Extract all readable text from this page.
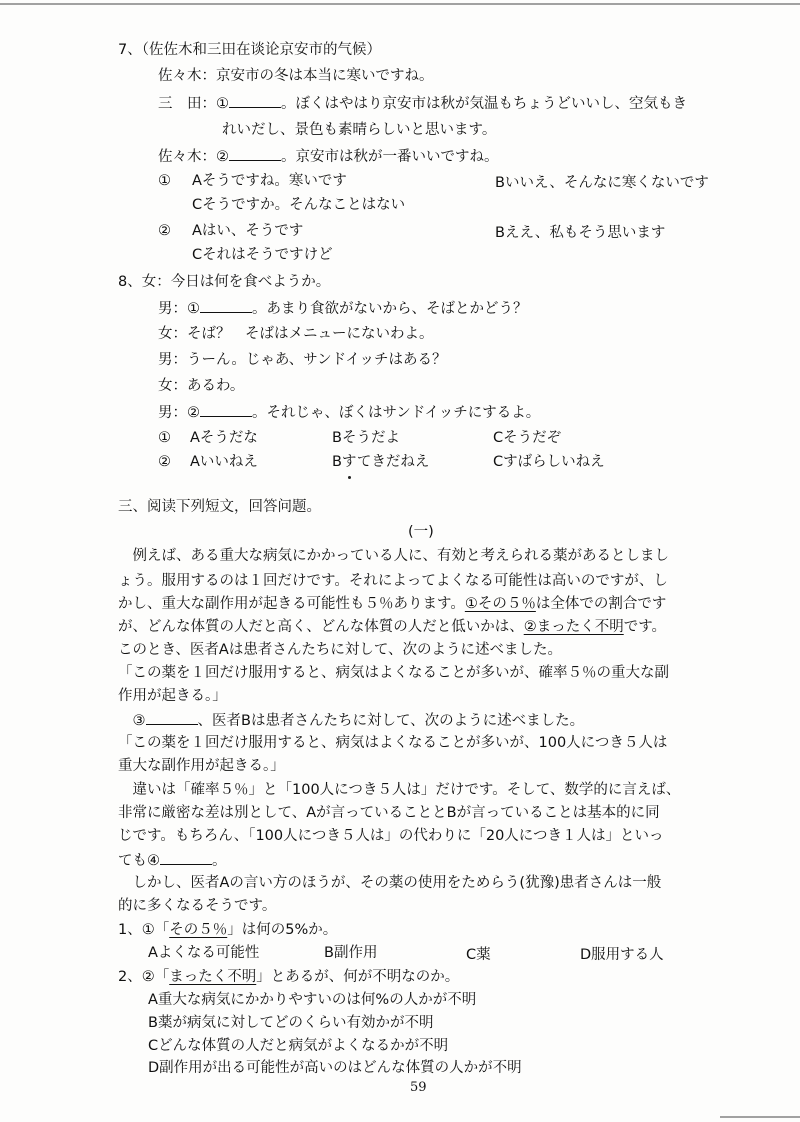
7、（佐佐木和三田在谈论京安市的气候）
佐々木：京安市の冬は本当に寒いですね。
三　田：①	。ぼくはやはり京安市は秋が気温もちょうどいいし、空気もき
れいだし、景色も素晴らしいと思います。
佐々木：②	。京安市は秋が一番いいですね。
① Aそうですね。寒いです	Bいいえ、そんなに寒くないです
Cそうですか。そんなことはない
② Aはい、そうです	Bええ、私もそう思います
Cそれはそうですけど
8、女：今日は何を食べようか。
男：①	。あまり食欲がないから、そばとかどう？
女：そば？　そばはメニューにないわよ。
男：うーん。じゃあ、サンドイッチはある？
女：あるわ。
男：②	。それじゃ、ぼくはサンドイッチにするよ。
① Aそうだな	Bそうだよ	Cそうだぞ
② Aいいねえ	Bすてきだねえ	Cすばらしいねえ
三、阅读下列短文，回答问题。
(一)
　例えば、ある重大な病気にかかっている人に、有効と考えられる薬があるとしまし
ょう。服用するのは１回だけです。それによってよくなる可能性は高いのですが、し
かし、重大な副作用が起きる可能性も５％あります。①その５％は全体での割合です
が、どんな体質の人だと高く、どんな体質の人だと低いかは、②まったく不明です。
このとき、医者Aは患者さんたちに対して、次のように述べました。
「この薬を１回だけ服用すると、病気はよくなることが多いが、確率５％の重大な副
作用が起きる。」
　③	、医者Bは患者さんたちに対して、次のように述べました。
「この薬を１回だけ服用すると、病気はよくなることが多いが、100人につき５人は
重大な副作用が起きる。」
　違いは「確率５％」と「100人につき５人は」だけです。そして、数学的に言えば、
非常に厳密な差は別として、Aが言っていることとBが言っていることは基本的に同
じです。もちろん、「100人につき５人は」の代わりに「20人につき１人は」といっ
ても④	。
　しかし、医者Aの言い方のほうが、その薬の使用をためらう(犹豫)患者さんは一般
的に多くなるそうです。
1、①「その５％」は何の5%か。
Aよくなる可能性	B副作用	C薬	D服用する人
2、②「まったく不明」とあるが、何が不明なのか。
A重大な病気にかかりやすいのは何%の人かが不明
B薬が病気に対してどのくらい有効かが不明
Cどんな体質の人だと病気がよくなるかが不明
D副作用が出る可能性が高いのはどんな体質の人かが不明
59
